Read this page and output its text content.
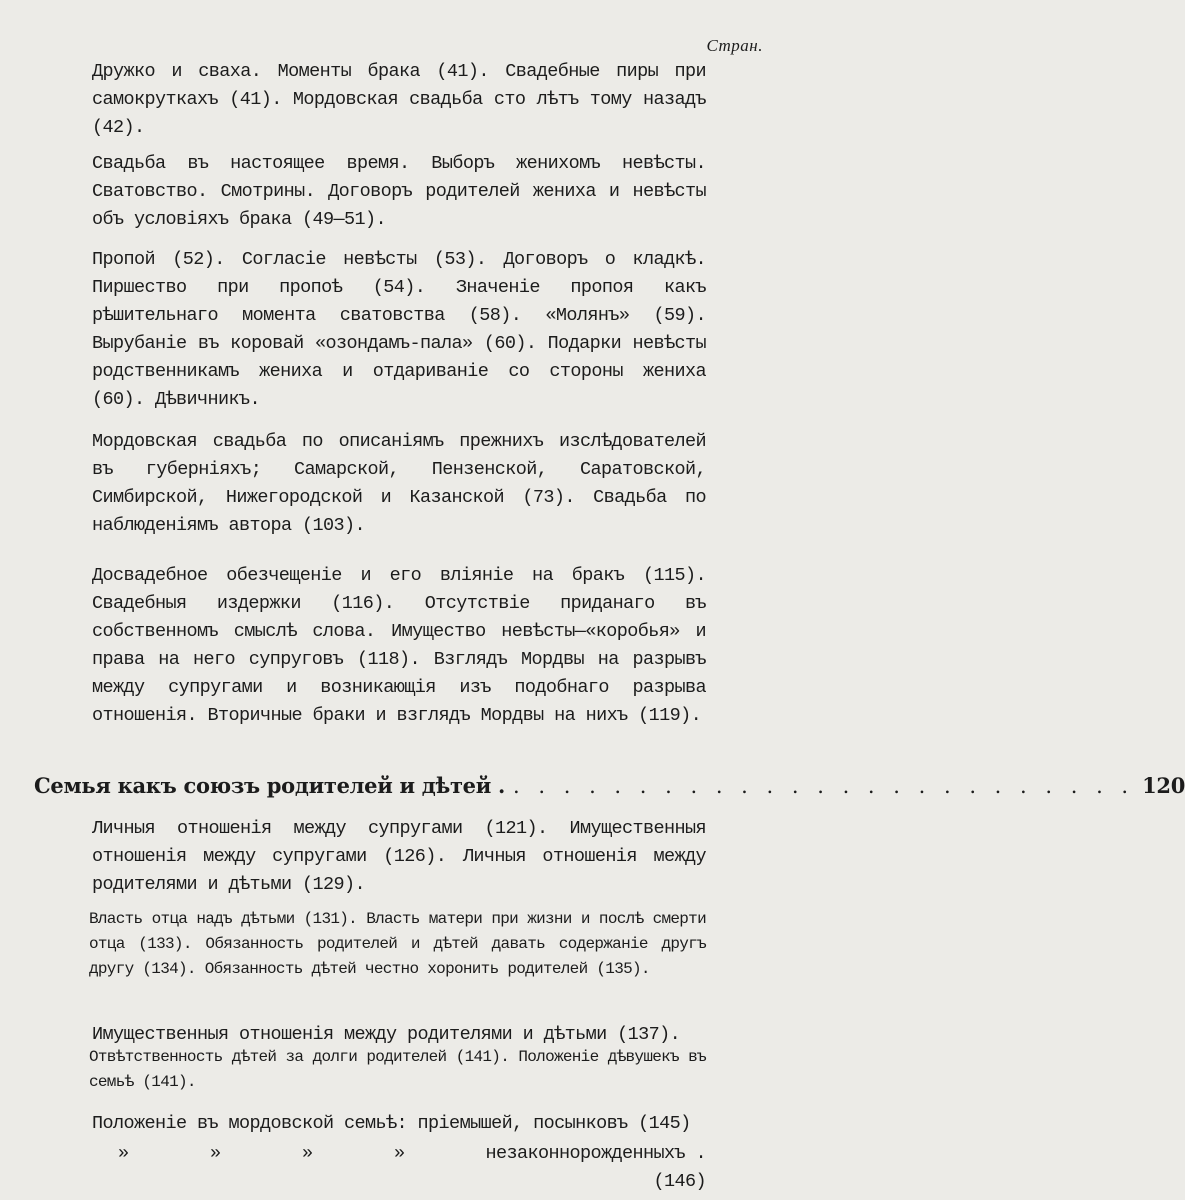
Стран.

Дружко и сваха. Моменты брака (41). Свадебные пиры при самокруткахъ (41). Мордовская свадьба сто лѣтъ тому назадъ (42).

Свадьба въ настоящее время. Выборъ женихомъ невѣсты. Сватовство. Смотрины. Договоръ родителей жениха и невѣсты объ условіяхъ брака (49—51).

Пропой (52). Согласіе невѣсты (53). Договоръ о кладкѣ. Пиршество при пропоѣ (54). Значеніе пропоя какъ рѣшительнаго момента сватовства (58). «Молянъ» (59). Вырубаніе въ коровай «озондамъ-пала» (60). Подарки невѣсты родственникамъ жениха и отдариваніе со стороны жениха (60). Дѣвичникъ.

Мордовская свадьба по описаніямъ прежнихъ изслѣдователей въ губерніяхъ; Самарской, Пензенской, Саратовской, Симбирской, Нижегородской и Казанской (73). Свадьба по наблюденіямъ автора (103).

Досвадебное обезчещеніе и его вліяніе на бракъ (115). Свадебныя издержки (116). Отсутствіе приданаго въ собственномъ смыслѣ слова. Имущество невѣсты—«коробья» и права на него супруговъ (118). Взглядъ Мордвы на разрывъ между супругами и возникающія изъ подобнаго разрыва отношенія. Вторичные браки и взглядъ Мордвы на нихъ (119).

Семья какъ союзъ родителей и дѣтей . . . . . . . . . . . . . . . . . . . . . . . . . . 120

Личныя отношенія между супругами (121). Имущественныя отношенія между супругами (126). Личныя отношенія между родителями и дѣтьми (129).

Власть отца надъ дѣтьми (131). Власть матери при жизни и послѣ смерти отца (133). Обязанность родителей и дѣтей давать содержаніе другъ другу (134). Обязанность дѣтей честно хоронить родителей (135).

Имущественныя отношенія между родителями и дѣтьми (137).

Отвѣтственность дѣтей за долги родителей (141). Положеніе дѣвушекъ въ семьѣ (141).

Положеніе въ мордовской семьѣ: пріемышей, посынковъ (145)

»	»	»	»	незаконнорожденныхъ . (146)
